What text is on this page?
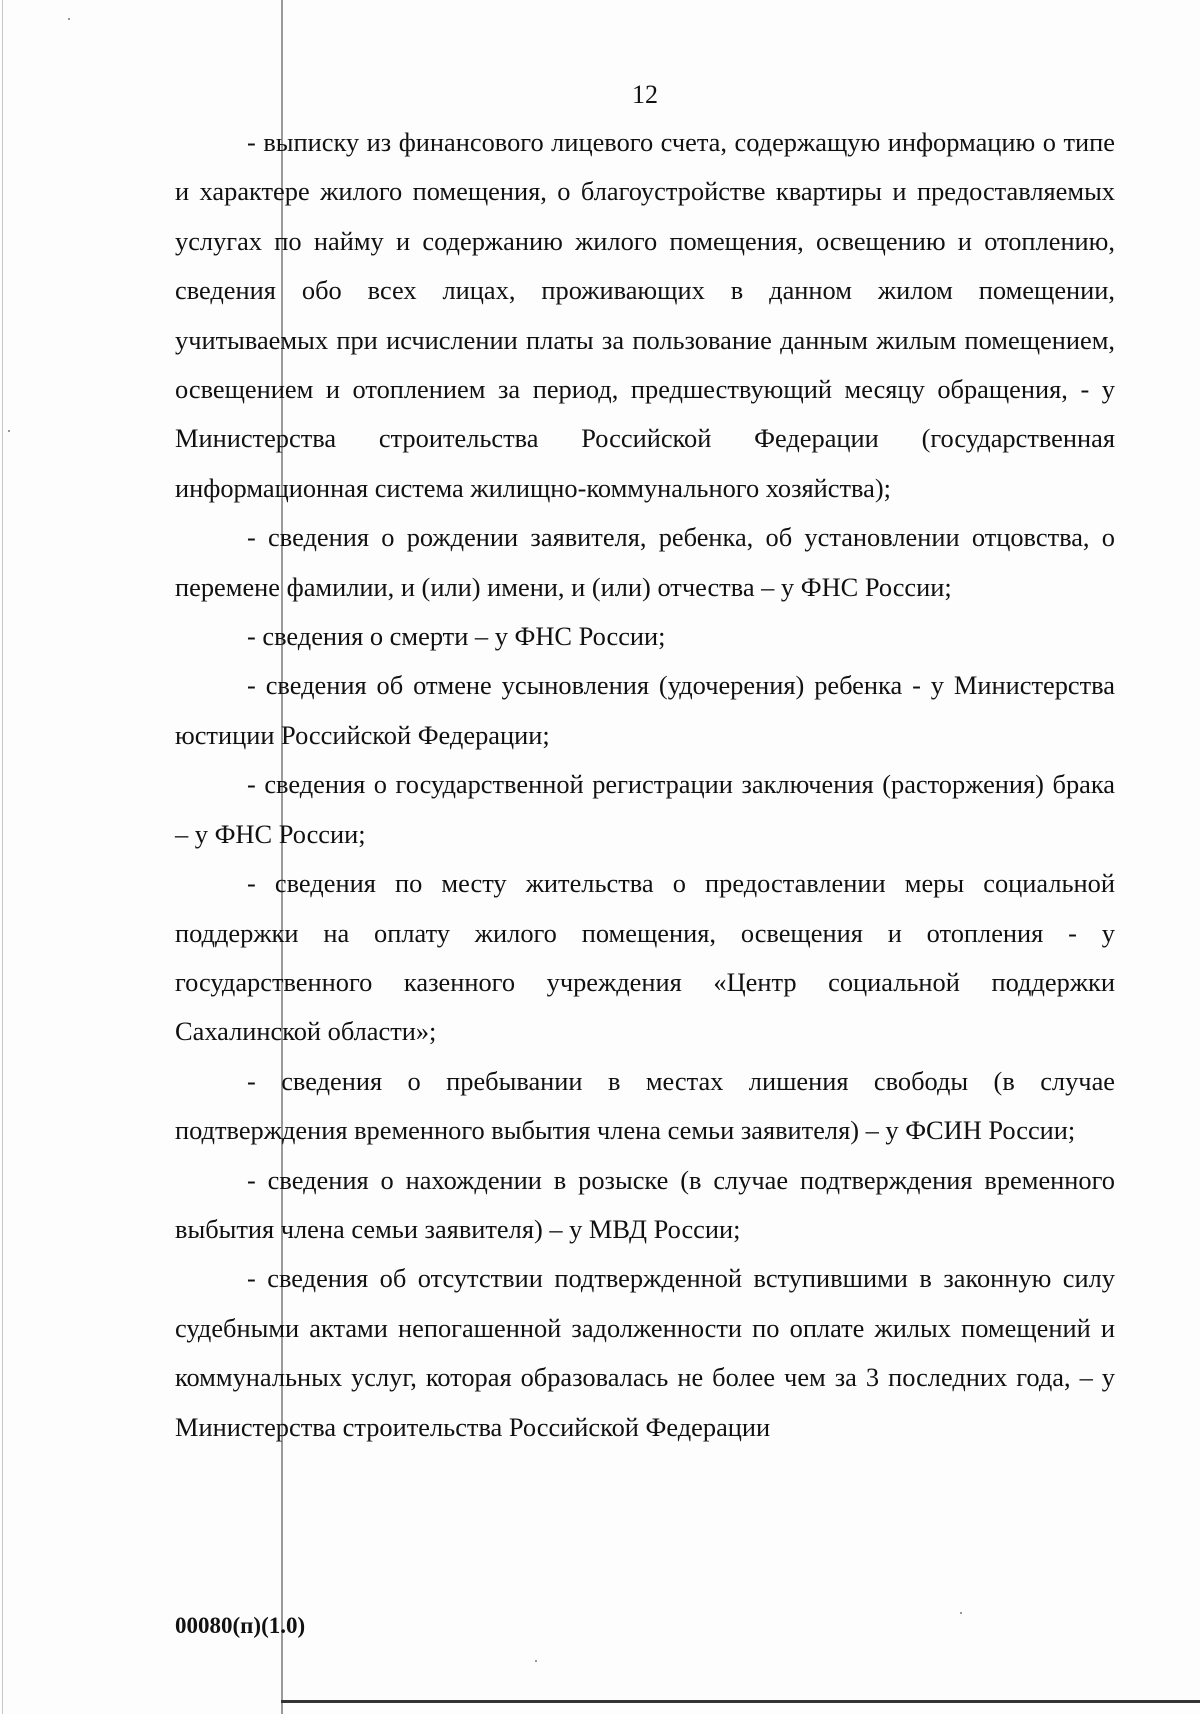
12

- выписку из финансового лицевого счета, содержащую информацию о типе и характере жилого помещения, о благоустройстве квартиры и предоставляемых услугах по найму и содержанию жилого помещения, освещению и отоплению, сведения обо всех лицах, проживающих в данном жилом помещении, учитываемых при исчислении платы за пользование данным жилым помещением, освещением и отоплением за период, предшествующий месяцу обращения, - у Министерства строительства Российской Федерации (государственная информационная система жилищно-коммунального хозяйства);

- сведения о рождении заявителя, ребенка, об установлении отцовства, о перемене фамилии, и (или) имени, и (или) отчества – у ФНС России;

- сведения о смерти – у ФНС России;

- сведения об отмене усыновления (удочерения) ребенка - у Министерства юстиции Российской Федерации;

- сведения о государственной регистрации заключения (расторжения) брака – у ФНС России;

- сведения по месту жительства о предоставлении меры социальной поддержки на оплату жилого помещения, освещения и отопления - у государственного казенного учреждения «Центр социальной поддержки Сахалинской области»;

- сведения о пребывании в местах лишения свободы (в случае подтверждения временного выбытия члена семьи заявителя) – у ФСИН России;

- сведения о нахождении в розыске (в случае подтверждения временного выбытия члена семьи заявителя) – у МВД России;

- сведения об отсутствии подтвержденной вступившими в законную силу судебными актами непогашенной задолженности по оплате жилых помещений и коммунальных услуг, которая образовалась не более чем за 3 последних года, – у Министерства строительства Российской Федерации

00080(п)(1.0)
